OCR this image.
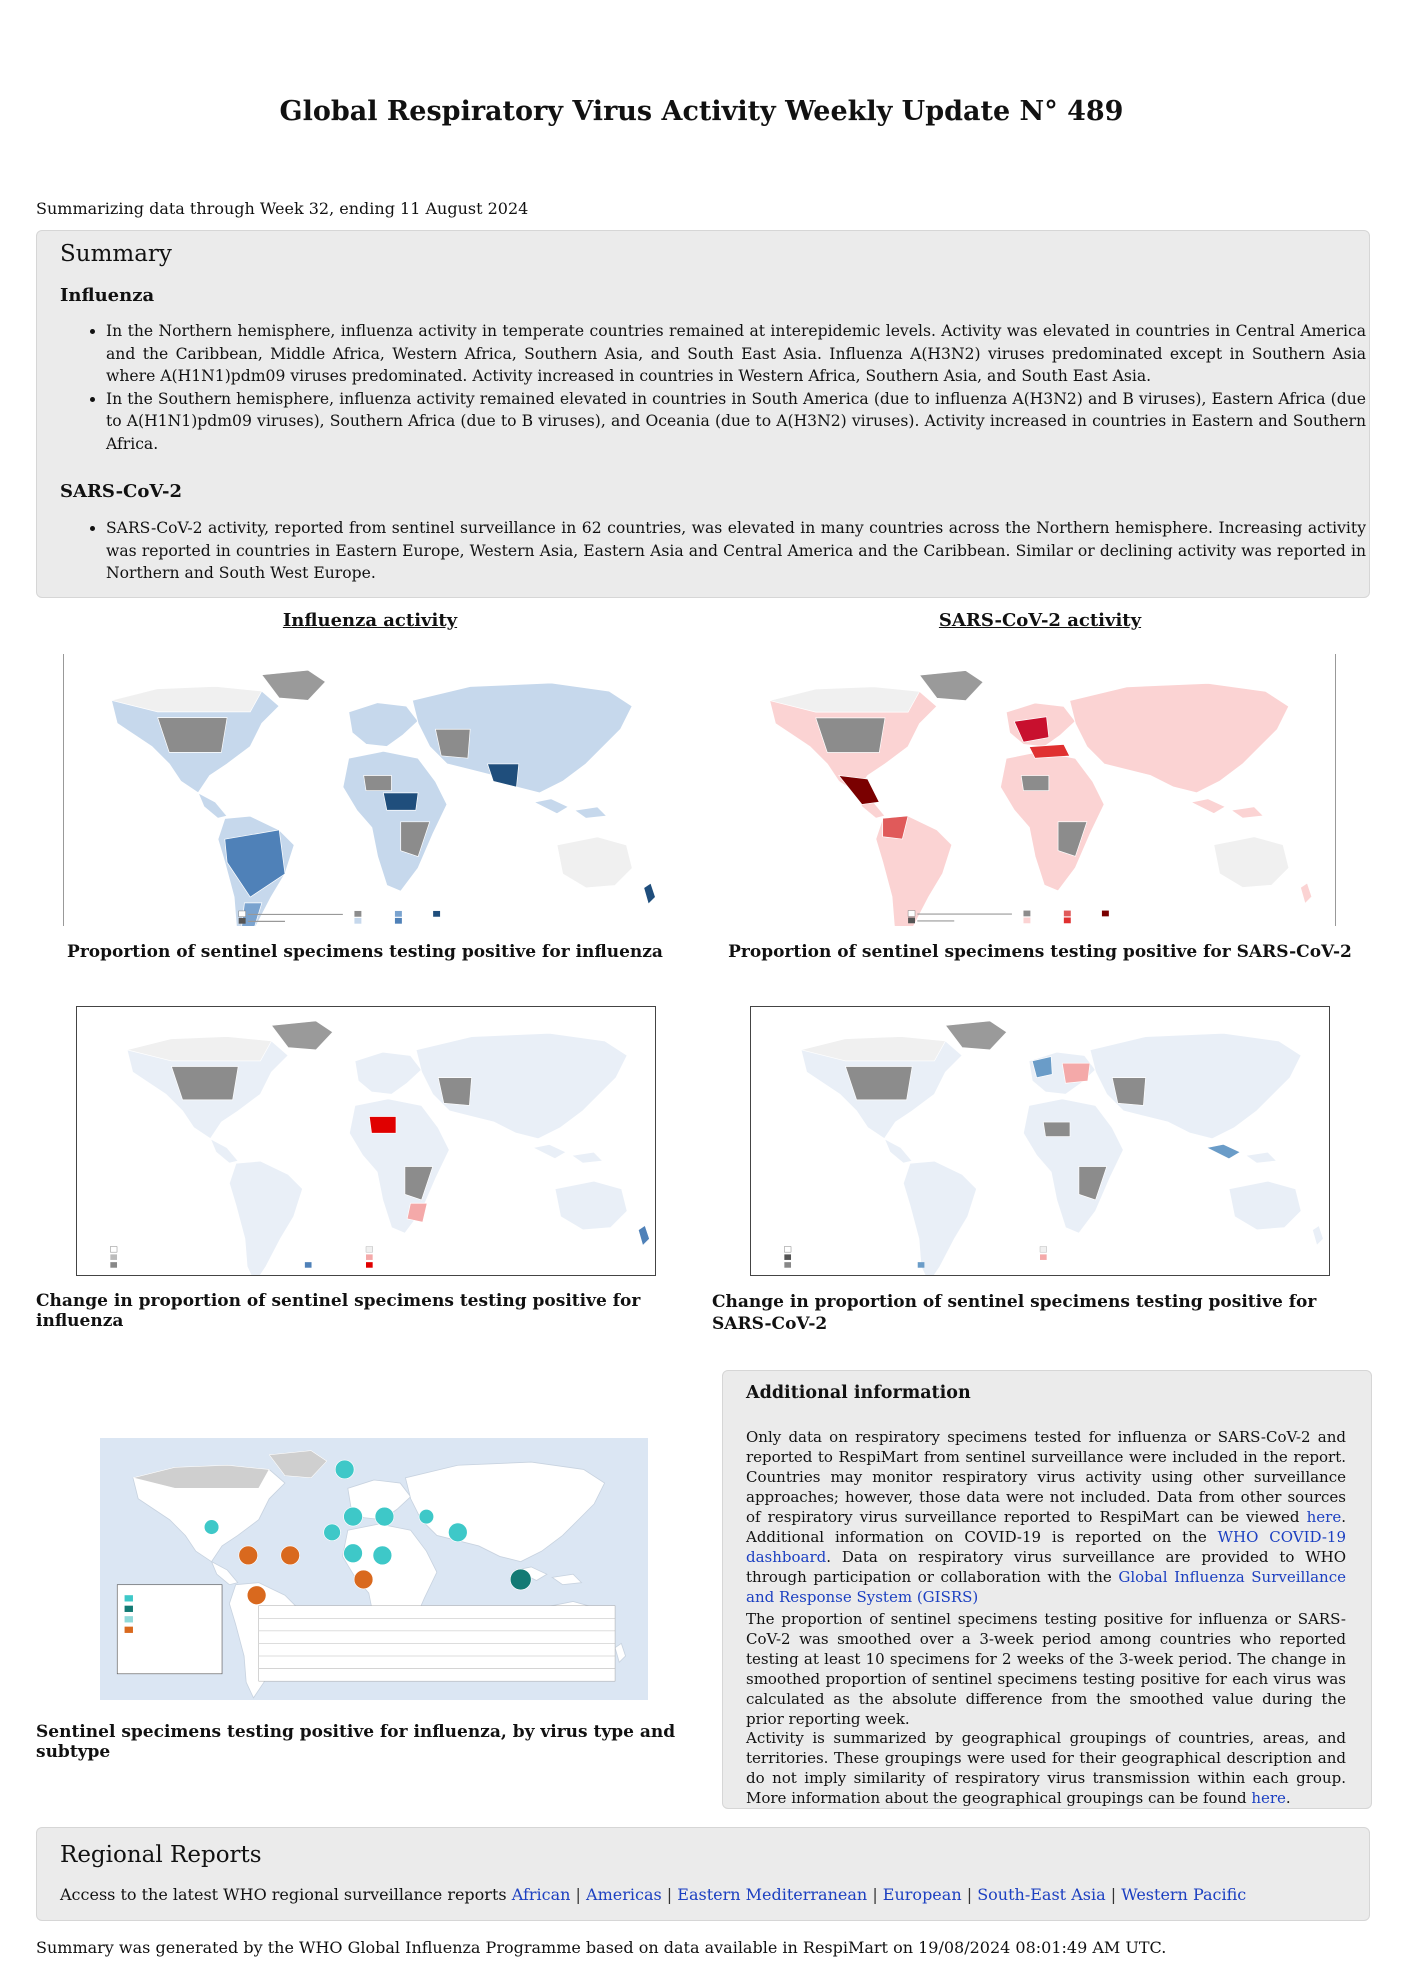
Global Respiratory Virus Activity Weekly Update N° 489
Summarizing data through Week 32, ending 11 August 2024
Summary
Influenza
• In the Northern hemisphere, influenza activity in temperate countries remained at interepidemic levels. Activity was elevated in countries in Central America and the Caribbean, Middle Africa, Western Africa, Southern Asia, and South East Asia. Influenza A(H3N2) viruses predominated except in Southern Asia where A(H1N1)pdm09 viruses predominated. Activity increased in countries in Western Africa, Southern Asia, and South East Asia.
• In the Southern hemisphere, influenza activity remained elevated in countries in South America (due to influenza A(H3N2) and B viruses), Eastern Africa (due to A(H1N1)pdm09 viruses), Southern Africa (due to B viruses), and Oceania (due to A(H3N2) viruses). Activity increased in countries in Eastern and Southern Africa.
SARS-CoV-2
• SARS-CoV-2 activity, reported from sentinel surveillance in 62 countries, was elevated in many countries across the Northern hemisphere. Increasing activity was reported in countries in Eastern Europe, Western Asia, Eastern Asia and Central America and the Caribbean. Similar or declining activity was reported in Northern and South West Europe.
Influenza activity	SARS-CoV-2 activity
Proportion of sentinel specimens testing positive for influenza	Proportion of sentinel specimens testing positive for SARS-CoV-2
Change in proportion of sentinel specimens testing positive for influenza
Change in proportion of sentinel specimens testing positive for SARS-CoV-2
Sentinel specimens testing positive for influenza, by virus type and subtype
Additional information
Only data on respiratory specimens tested for influenza or SARS-CoV-2 and reported to RespiMart from sentinel surveillance were included in the report. Countries may monitor respiratory virus activity using other surveillance approaches; however, those data were not included. Data from other sources of respiratory virus surveillance reported to RespiMart can be viewed here. Additional information on COVID-19 is reported on the WHO COVID-19 dashboard. Data on respiratory virus surveillance are provided to WHO through participation or collaboration with the Global Influenza Surveillance and Response System (GISRS)
The proportion of sentinel specimens testing positive for influenza or SARS-CoV-2 was smoothed over a 3-week period among countries who reported testing at least 10 specimens for 2 weeks of the 3-week period. The change in smoothed proportion of sentinel specimens testing positive for each virus was calculated as the absolute difference from the smoothed value during the prior reporting week.
Activity is summarized by geographical groupings of countries, areas, and territories. These groupings were used for their geographical description and do not imply similarity of respiratory virus transmission within each group. More information about the geographical groupings can be found here.
Regional Reports
Access to the latest WHO regional surveillance reports African | Americas | Eastern Mediterranean | European | South-East Asia | Western Pacific
Summary was generated by the WHO Global Influenza Programme based on data available in RespiMart on 19/08/2024 08:01:49 AM UTC.
